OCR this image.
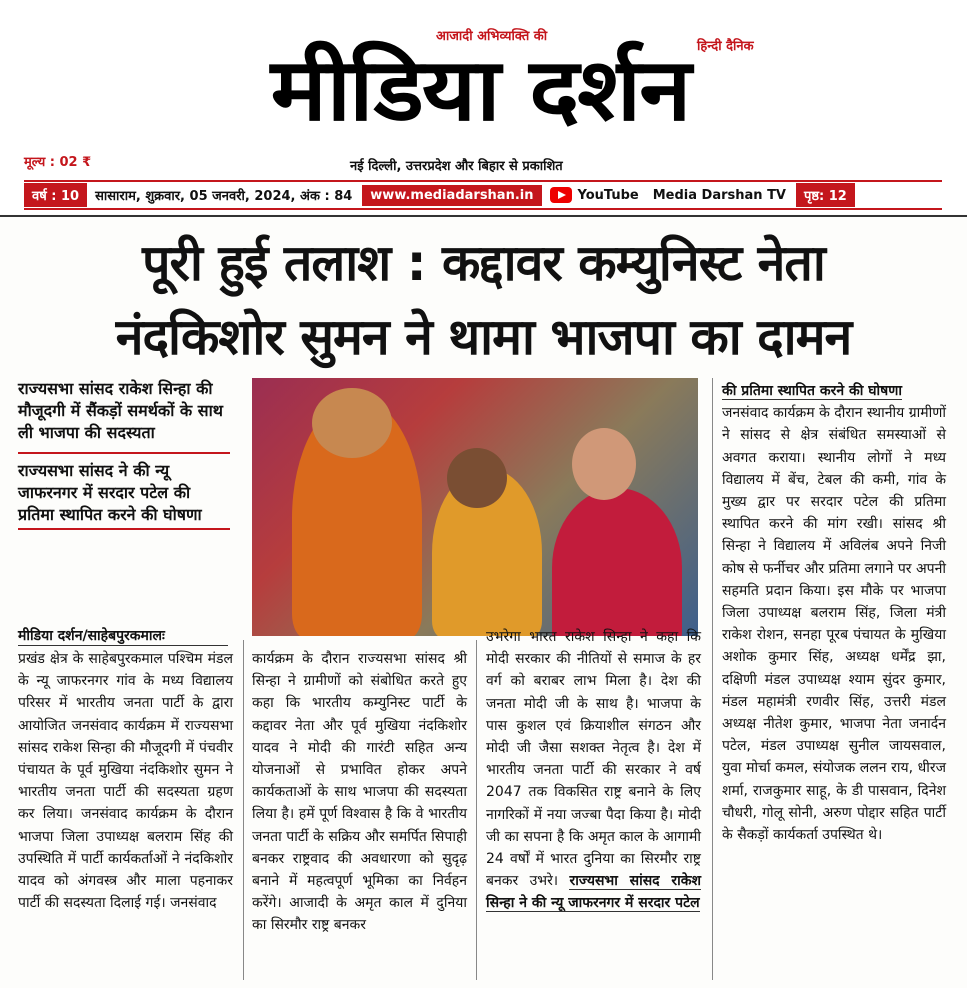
आजादी अभिव्यक्ति की
हिन्दी दैनिक
मीडिया दर्शन
मूल्य : 02 ₹	नई दिल्ली, उत्तरप्रदेश और बिहार से प्रकाशित
वर्ष : 10	सासाराम, शुक्रवार, 05 जनवरी, 2024, अंक : 84	www.mediadarshan.in	YouTube Media Darshan TV	पृष्ठ: 12
पूरी हुई तलाश : कद्दावर कम्युनिस्ट नेता
नंदकिशोर सुमन ने थामा भाजपा का दामन
राज्यसभा सांसद राकेश सिन्हा की मौजूदगी में सैंकड़ों समर्थकों के साथ ली भाजपा की सदस्यता
राज्यसभा सांसद ने की न्यू जाफरनगर में सरदार पटेल की प्रतिमा स्थापित करने की घोषणा
मीडिया दर्शन/साहेबपुरकमालः
प्रखंड क्षेत्र के साहेबपुरकमाल पश्चिम मंडल के न्यू जाफरनगर गांव के मध्य विद्यालय परिसर में भारतीय जनता पार्टी के द्वारा आयोजित जनसंवाद कार्यक्रम में राज्यसभा सांसद राकेश सिन्हा की मौजूदगी में पंचवीर पंचायत के पूर्व मुखिया नंदकिशोर सुमन ने भारतीय जनता पार्टी की सदस्यता ग्रहण कर लिया। जनसंवाद कार्यक्रम के दौरान भाजपा जिला उपाध्यक्ष बलराम सिंह की उपस्थिति में पार्टी कार्यकर्ताओं ने नंदकिशोर यादव को अंगवस्त्र और माला पहनाकर पार्टी की सदस्यता दिलाई गई। जनसंवाद
कार्यक्रम के दौरान राज्यसभा सांसद श्री सिन्हा ने ग्रामीणों को संबोधित करते हुए कहा कि भारतीय कम्युनिस्ट पार्टी के कद्दावर नेता और पूर्व मुखिया नंदकिशोर यादव ने मोदी की गारंटी सहित अन्य योजनाओं से प्रभावित होकर अपने कार्यकताओं के साथ भाजपा की सदस्यता लिया है। हमें पूर्ण विश्वास है कि वे भारतीय जनता पार्टी के सक्रिय और समर्पित सिपाही बनकर राष्ट्रवाद की अवधारणा को सुदृढ़ बनाने में महत्वपूर्ण भूमिका का निर्वहन करेंगे। आजादी के अमृत काल में दुनिया का सिरमौर राष्ट्र बनकर
उभरेगा भारत राकेश सिन्हा ने कहा कि मोदी सरकार की नीतियों से समाज के हर वर्ग को बराबर लाभ मिला है। देश की जनता मोदी जी के साथ है। भाजपा के पास कुशल एवं क्रियाशील संगठन और मोदी जी जैसा सशक्त नेतृत्व है। देश में भारतीय जनता पार्टी की सरकार ने वर्ष 2047 तक विकसित राष्ट्र बनाने के लिए नागरिकों में नया जज्बा पैदा किया है। मोदी जी का सपना है कि अमृत काल के आगामी 24 वर्षों में भारत दुनिया का सिरमौर राष्ट्र बनकर उभरे। राज्यसभा सांसद राकेश सिन्हा ने की न्यू जाफरनगर में सरदार पटेल
की प्रतिमा स्थापित करने की घोषणा
जनसंवाद कार्यक्रम के दौरान स्थानीय ग्रामीणों ने सांसद से क्षेत्र संबंधित समस्याओं से अवगत कराया। स्थानीय लोगों ने मध्य विद्यालय में बेंच, टेबल की कमी, गांव के मुख्य द्वार पर सरदार पटेल की प्रतिमा स्थापित करने की मांग रखी। सांसद श्री सिन्हा ने विद्यालय में अविलंब अपने निजी कोष से फर्नीचर और प्रतिमा लगाने पर अपनी सहमति प्रदान किया। इस मौके पर भाजपा जिला उपाध्यक्ष बलराम सिंह, जिला मंत्री राकेश रोशन, सनहा पूरब पंचायत के मुखिया अशोक कुमार सिंह, अध्यक्ष धर्मेंद्र झा, दक्षिणी मंडल उपाध्यक्ष श्याम सुंदर कुमार, मंडल महामंत्री रणवीर सिंह, उत्तरी मंडल अध्यक्ष नीतेश कुमार, भाजपा नेता जनार्दन पटेल, मंडल उपाध्यक्ष सुनील जायसवाल, युवा मोर्चा कमल, संयोजक ललन राय, धीरज शर्मा, राजकुमार साहू, के डी पासवान, दिनेश चौधरी, गोलू सोनी, अरुण पोद्दार सहित पार्टी के सैकड़ों कार्यकर्ता उपस्थित थे।
